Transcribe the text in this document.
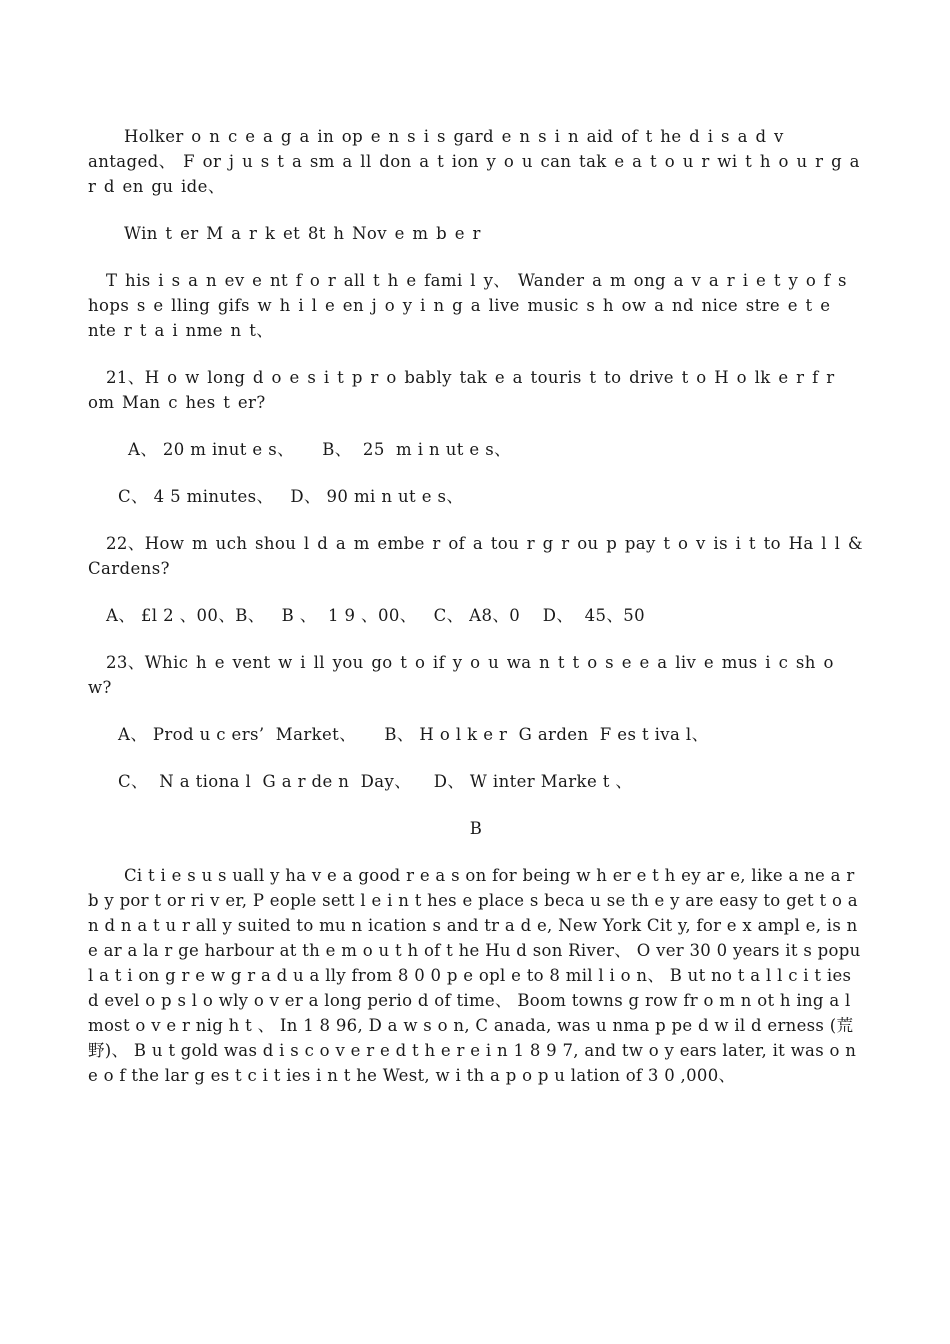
Holker o n c e a g a in op e n s i s gard e n s i n aid of t he d i s a d v antaged、 F or j u s t a sm a ll don a t ion y o u can tak e a t o u r wi t h o u r g a r d en gu ide、

Win t er M a r k et 8t h Nov e m b e r

T his i s a n ev e nt f o r all t h e fami l y、 Wander a m ong a v a r i e t y o f s hops s e lling gifs w h i l e en j o y i n g a live music s h ow a nd nice stre e t e nte r t a i nme n t、

21、H o w long d o e s i t p r o bably tak e a touris t to drive t o H o lk e r f r om Man c hes t er?

A、 20 m inut e s、 B、  25  m i n ut e s、
C、 4 5 minutes、 D、 90 mi n ut e s、

22、How m uch shou l d a m embe r of a tou r g r ou p pay t o v is i t to Ha l l & Cardens?

A、 £l 2 、00、B、 B 、  1 9 、00、 C、 A8、0 D、  45、50

23、Whic h e vent w i ll you go t o if y o u wa n t t o s e e a liv e mus i c sh o w?

A、 Prod u c ers’  Market、 B、 H o l k e r  G arden  F es t iva l、
C、  N a tiona l  G a r de n  Day、 D、 W inter Marke t 、

B

Ci t i e s u s uall y ha v e a good r e a s on for being w h er e t h ey ar e, like a ne a r b y por t or ri v er, P eople sett l e i n t hes e place s beca u se th e y are easy to get t o a n d n a t u r all y suited to mu n ication s and tr a d e, New York Cit y, for e x ampl e, is n e ar a la r ge harbour at th e m o u t h of t he Hu d son River、 O ver 30 0 years it s popu l a t i on g r e w g r a d u a lly from 8 0 0 p e opl e to 8 mil l i o n、 B ut no t a l l c i t ies d evel o p s l o wly o v er a long perio d of time、 Boom towns g row fr o m n ot h ing a l most o v e r nig h t 、 In 1 8 96, D a w s o n, C anada, was u nma p pe d w il d erness (荒野)、 B u t gold was d i s c o v e r e d t h e r e i n 1 8 9 7, and tw o y ears later, it was o n e o f the lar g es t c i t ies i n t he West, w i th a p o p u lation of 3 0 ,000、
